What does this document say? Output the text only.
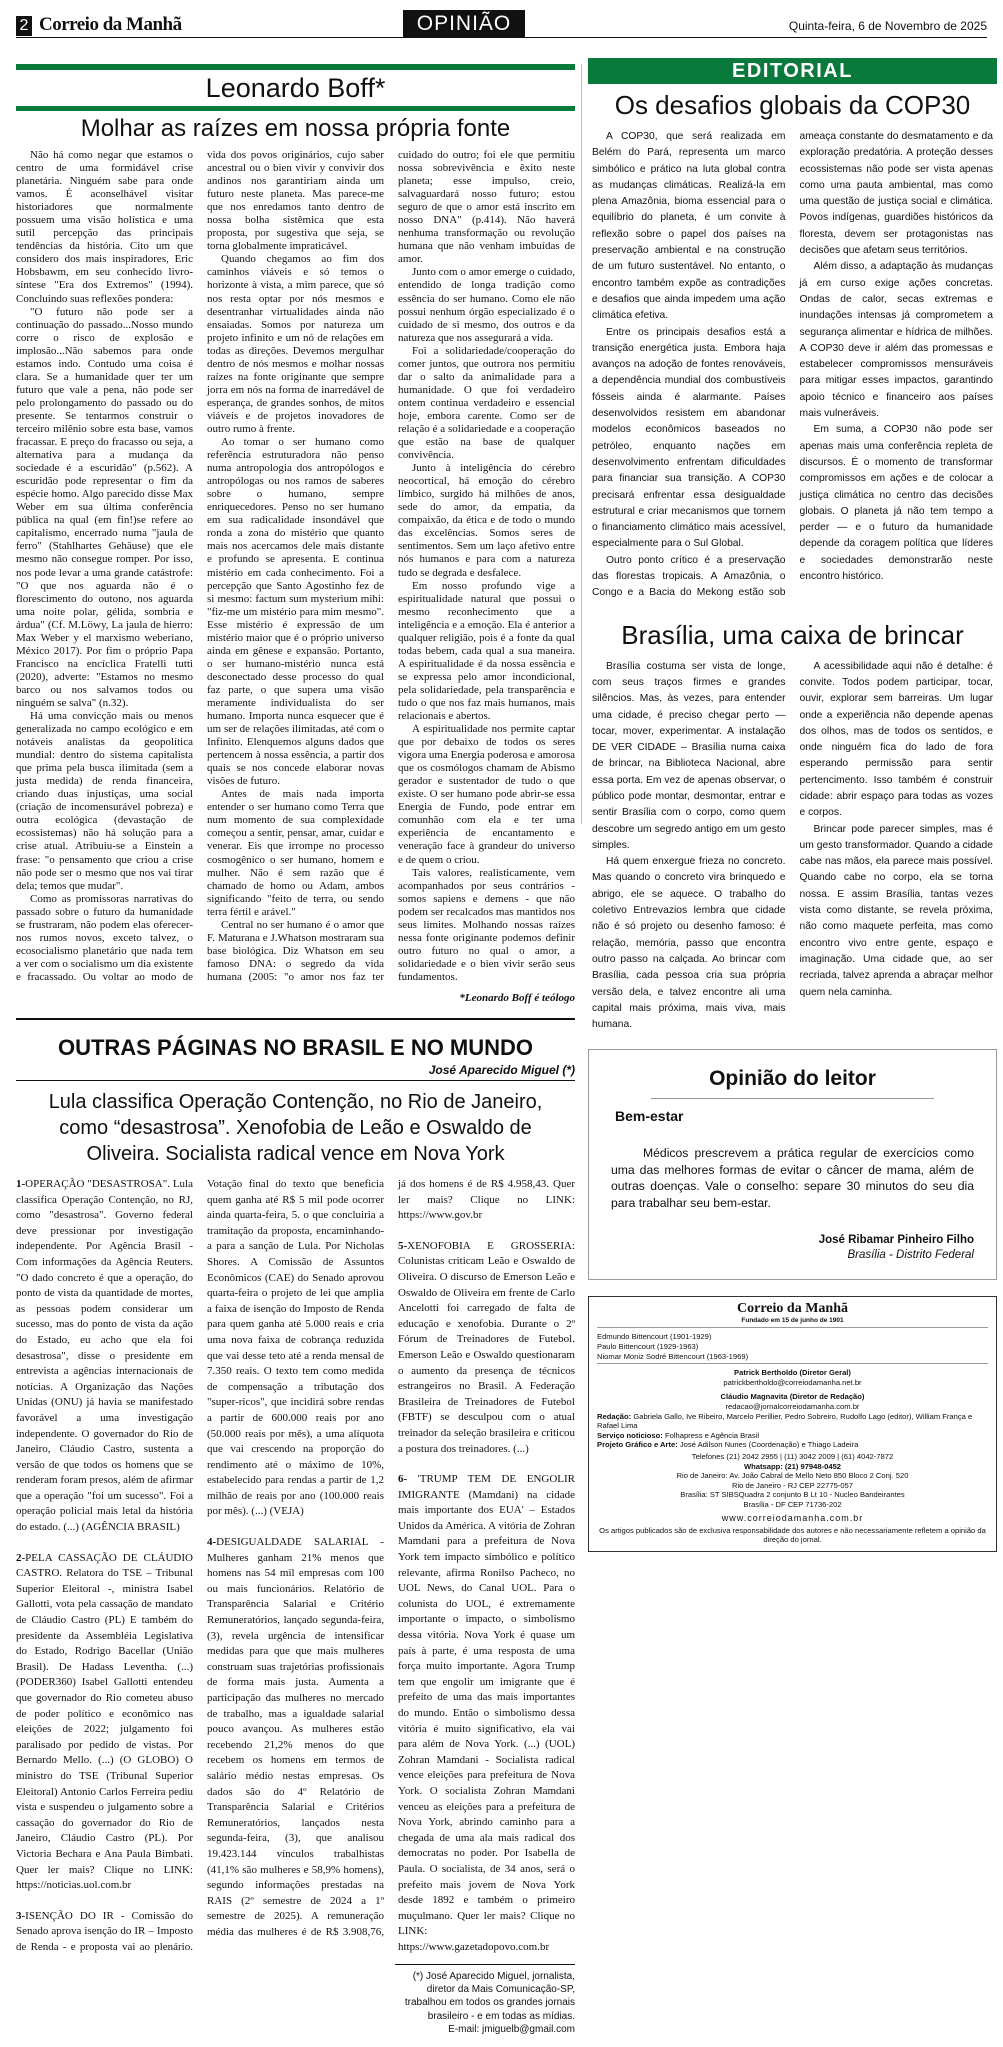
2 Correio da Manhã	OPINIÃO	Quinta-feira, 6 de Novembro de 2025
Leonardo Boff*
Molhar as raízes em nossa própria fonte

Não há como negar que estamos o centro de uma formidável crise planetária. Ninguém sabe para onde vamos. É aconselhável visitar historiadores que normalmente possuem uma visão holística e uma sutil percepção das principais tendências da história. Cito um que considero dos mais inspiradores, Eric Hobsbawm, em seu conhecido livro-síntese "Era dos Extremos" (1994). Concluindo suas reflexões pondera:

"O futuro não pode ser a continuação do passado...Nosso mundo corre o risco de explosão e implosão...Não sabemos para onde estamos indo. Contudo uma coisa é clara. Se a humanidade quer ter um futuro que vale a pena, não pode ser pelo prolongamento do passado ou do presente. Se tentarmos construir o terceiro milênio sobre esta base, vamos fracassar. E preço do fracasso ou seja, a alternativa para a mudança da sociedade é a escuridão" (p.562). A escuridão pode representar o fim da espécie homo. Algo parecido disse Max Weber em sua última conferência pública na qual (em fin!)se refere ao capitalismo, encerrado numa "jaula de ferro" (Stahlhartes Gehäuse) que ele mesmo não consegue romper. Por isso, nos pode levar a uma grande catástrofe: "O que nos aguarda não é o florescimento do outono, nos aguarda uma noite polar, gélida, sombria e árdua" (Cf. M.Löwy, La jaula de hierro: Max Weber y el marxismo weberiano, México 2017). Por fim o próprio Papa Francisco na encíclica Fratelli tutti (2020), adverte: "Estamos no mesmo barco ou nos salvamos todos ou ninguém se salva" (n.32).

Há uma convicção mais ou menos generalizada no campo ecológico e em notáveis analistas da geopolítica mundial: dentro do sistema capitalista que prima pela busca ilimitada (sem a justa medida) de renda financeira, criando duas injustiças, uma social (criação de incomensurável pobreza) e outra ecológica (devastação de ecossistemas) não há solução para a crise atual. Atribuiu-se a Einstein a frase: "o pensamento que criou a crise não pode ser o mesmo que nos vai tirar dela; temos que mudar".

Como as promissoras narrativas do passado sobre o futuro da humanidade se frustraram, não podem elas oferecer-nos rumos novos, exceto talvez, o ecosocialismo planetário que nada tem a ver com o socialismo um dia existente e fracassado. Ou voltar ao modo de vida dos povos originários, cujo saber ancestral ou o bien vivir y convivir dos andinos nos garantiriam ainda um futuro neste planeta. Mas parece-me que nos enredamos tanto dentro de nossa bolha sistêmica que esta proposta, por sugestiva que seja, se torna globalmente impraticável.

Quando chegamos ao fim dos caminhos viáveis e só temos o horizonte à vista, a mim parece, que só nos resta optar por nós mesmos e desentranhar virtualidades ainda não ensaiadas. Somos por natureza um projeto infinito e um nó de relações em todas as direções. Devemos mergulhar dentro de nós mesmos e molhar nossas raízes na fonte originante que sempre jorra em nós na forma de inarredável de esperança, de grandes sonhos, de mitos viáveis e de projetos inovadores de outro rumo à frente.

Ao tomar o ser humano como referência estruturadora não penso numa antropologia dos antropólogos e antropólogas ou nos ramos de saberes sobre o humano, sempre enriquecedores. Penso no ser humano em sua radicalidade insondável que ronda a zona do mistério que quanto mais nos acercamos dele mais distante e profundo se apresenta. E continua mistério em cada conhecimento. Foi a percepção que Santo Agostinho fez de si mesmo: factum sum mysterium mihi: "fiz-me um mistério para mim mesmo". Esse mistério é expressão de um mistério maior que é o próprio universo ainda em gênese e expansão. Portanto, o ser humano-mistério nunca está desconectado desse processo do qual faz parte, o que supera uma visão meramente individualista do ser humano. Importa nunca esquecer que é um ser de relações ilimitadas, até com o Infinito. Elenquemos alguns dados que pertencem à nossa essência, a partir dos quais se nos concede elaborar novas visões de futuro.

Antes de mais nada importa entender o ser humano como Terra que num momento de sua complexidade começou a sentir, pensar, amar, cuidar e venerar. Eis que irrompe no processo cosmogênico o ser humano, homem e mulher. Não é sem razão que é chamado de homo ou Adam, ambos significando "feito de terra, ou sendo terra fértil e arável."

Central no ser humano é o amor que F. Maturana e J.Whatson mostraram sua base biológica. Diz Whatson em seu famoso DNA: o segredo da vida humana (2005: "o amor nos faz ter cuidado do outro; foi ele que permitiu nossa sobrevivência e êxito neste planeta; esse impulso, creio, salvaguardará nosso futuro; estou seguro de que o amor está inscrito em nosso DNA" (p.414). Não haverá nenhuma transformação ou revolução humana que não venham imbuídas de amor.

Junto com o amor emerge o cuidado, entendido de longa tradição como essência do ser humano. Como ele não possui nenhum órgão especializado é o cuidado de si mesmo, dos outros e da natureza que nos assegurará a vida.

Foi a solidariedade/cooperação do comer juntos, que outrora nos permitiu dar o salto da animalidade para a humanidade. O que foi verdadeiro ontem continua verdadeiro e essencial hoje, embora carente. Como ser de relação é a solidariedade e a cooperação que estão na base de qualquer convivência.

Junto à inteligência do cérebro neocortical, há emoção do cérebro límbico, surgido há milhões de anos, sede do amor, da empatia, da compaixão, da ética e de todo o mundo das excelências. Somos seres de sentimentos. Sem um laço afetivo entre nós humanos e para com a natureza tudo se degrada e desfalece.

Em nosso profundo vige a espiritualidade natural que possui o mesmo reconhecimento que a inteligência e a emoção. Ela é anterior a qualquer religião, pois é a fonte da qual todas bebem, cada qual a sua maneira. A espiritualidade é da nossa essência e se expressa pelo amor incondicional, pela solidariedade, pela transparência e tudo o que nos faz mais humanos, mais relacionais e abertos.

A espiritualidade nos permite captar que por debaixo de todos os seres vigora uma Energia poderosa e amorosa que os cosmólogos chamam de Abismo gerador e sustentador de tudo o que existe. O ser humano pode abrir-se essa Energia de Fundo, pode entrar em comunhão com ela e ter uma experiência de encantamento e veneração face à grandeur do universo e de quem o criou.

Tais valores, realisticamente, vem acompanhados por seus contrários -somos sapiens e demens - que não podem ser recalcados mas mantidos nos seus limites. Molhando nossas raízes nessa fonte originante podemos definir outro futuro no qual o amor, a solidariedade e o bien vivir serão seus fundamentos.

*Leonardo Boff é teólogo
OUTRAS PÁGINAS NO BRASIL E NO MUNDO
José Aparecido Miguel (*)
Lula classifica Operação Contenção, no Rio de Janeiro, como “desastrosa”. Xenofobia de Leão e Oswaldo de Oliveira. Socialista radical vence em Nova York

1-OPERAÇÃO "DESASTROSA". Lula classifica Operação Contenção, no RJ, como "desastrosa". Governo federal deve pressionar por investigação independente. Por Agência Brasil - Com informações da Agência Reuters. "O dado concreto é que a operação, do ponto de vista da quantidade de mortes, as pessoas podem considerar um sucesso, mas do ponto de vista da ação do Estado, eu acho que ela foi desastrosa", disse o presidente em entrevista a agências internacionais de notícias. A Organização das Nações Unidas (ONU) já havia se manifestado favorável a uma investigação independente. O governador do Rio de Janeiro, Cláudio Castro, sustenta a versão de que todos os homens que se renderam foram presos, além de afirmar que a operação "foi um sucesso". Foi a operação policial mais letal da história do estado. (...) (AGÊNCIA BRASIL)

2-PELA CASSAÇÃO DE CLÁUDIO CASTRO. Relatora do TSE – Tribunal Superior Eleitoral -, ministra Isabel Gallotti, vota pela cassação de mandato de Cláudio Castro (PL) E também do presidente da Assembléia Legislativa do Estado, Rodrigo Bacellar (União Brasil). De Hadass Leventha. (...) (PODER360) Isabel Gallotti entendeu que governador do Rio cometeu abuso de poder político e econômico nas eleições de 2022; julgamento foi paralisado por pedido de vistas. Por Bernardo Mello. (...) (O GLOBO) O ministro do TSE (Tribunal Superior Eleitoral) Antonio Carlos Ferreira pediu vista e suspendeu o julgamento sobre a cassação do governador do Rio de Janeiro, Cláudio Castro (PL). Por Victoria Bechara e Ana Paula Bimbati. Quer ler mais? Clique no LINK: https://noticias.uol.com.br

3-ISENÇÃO DO IR - Comissão do Senado aprova isenção do IR – Imposto de Renda - e proposta vai ao plenário. Votação final do texto que beneficia quem ganha até R$ 5 mil pode ocorrer ainda quarta-feira, 5. o que concluiria a tramitação da proposta, encaminhando-a para a sanção de Lula. Por Nicholas Shores. A Comissão de Assuntos Econômicos (CAE) do Senado aprovou quarta-feira o projeto de lei que amplia a faixa de isenção do Imposto de Renda para quem ganha até 5.000 reais e cria uma nova faixa de cobrança reduzida que vai desse teto até a renda mensal de 7.350 reais. O texto tem como medida de compensação a tributação dos "super-ricos", que incidirá sobre rendas a partir de 600.000 reais por ano (50.000 reais por mês), a uma alíquota que vai crescendo na proporção do rendimento até o máximo de 10%, estabelecido para rendas a partir de 1,2 milhão de reais por ano (100.000 reais por mês). (...) (VEJA)

4-DESIGUALDADE SALARIAL - Mulheres ganham 21% menos que homens nas 54 mil empresas com 100 ou mais funcionários. Relatório de Transparência Salarial e Critério Remuneratórios, lançado segunda-feira, (3), revela urgência de intensificar medidas para que que mais mulheres construam suas trajetórias profissionais de forma mais justa. Aumenta a participação das mulheres no mercado de trabalho, mas a igualdade salarial pouco avançou. As mulheres estão recebendo 21,2% menos do que recebem os homens em termos de salário médio nestas empresas. Os dados são do 4º Relatório de Transparência Salarial e Critérios Remuneratórios, lançados nesta segunda-feira, (3), que analisou 19.423.144 vínculos trabalhistas (41,1% são mulheres e 58,9% homens), segundo informações prestadas na RAIS (2º semestre de 2024 a 1º semestre de 2025). A remuneração média das mulheres é de R$ 3.908,76, já dos homens é de R$ 4.958,43. Quer ler mais? Clique no LINK: https://www.gov.br

5-XENOFOBIA E GROSSERIA: Colunistas criticam Leão e Oswaldo de Oliveira. O discurso de Emerson Leão e Oswaldo de Oliveira em frente de Carlo Ancelotti foi carregado de falta de educação e xenofobia. Durante o 2º Fórum de Treinadores de Futebol. Emerson Leão e Oswaldo questionaram o aumento da presença de técnicos estrangeiros no Brasil. A Federação Brasileira de Treinadores de Futebol (FBTF) se desculpou com o atual treinador da seleção brasileira e criticou a postura dos treinadores. (...)

6- 'TRUMP TEM DE ENGOLIR IMIGRANTE (Mamdani) na cidade mais importante dos EUA' – Estados Unidos da América. A vitória de Zohran Mamdani para a prefeitura de Nova York tem impacto simbólico e político relevante, afirma Ronilso Pacheco, no UOL News, do Canal UOL. Para o colunista do UOL, é extremamente importante o impacto, o simbolismo dessa vitória. Nova York é quase um país à parte, é uma resposta de uma força muito importante. Agora Trump tem que engolir um imigrante que é prefeito de uma das mais importantes do mundo. Então o simbolismo dessa vitória é muito significativo, ela vai para além de Nova York. (...) (UOL) Zohran Mamdani - Socialista radical vence eleições para prefeitura de Nova York. O socialista Zohran Mamdani venceu as eleições para a prefeitura de Nova York, abrindo caminho para a chegada de uma ala mais radical dos democratas no poder. Por Isabella de Paula. O socialista, de 34 anos, será o prefeito mais jovem de Nova York desde 1892 e também o primeiro muçulmano. Quer ler mais? Clique no LINK: https://www.gazetadopovo.com.br

(*) José Aparecido Miguel, jornalista, diretor da Mais Comunicação-SP, trabalhou em todos os grandes jornais brasileiro - e em todas as mídias.
E-mail: jmiguelb@gmail.com
EDITORIAL
Os desafios globais da COP30

A COP30, que será realizada em Belém do Pará, representa um marco simbólico e prático na luta global contra as mudanças climáticas. Realizá-la em plena Amazônia, bioma essencial para o equilíbrio do planeta, é um convite à reflexão sobre o papel dos países na preservação ambiental e na construção de um futuro sustentável. No entanto, o encontro também expõe as contradições e desafios que ainda impedem uma ação climática efetiva.

Entre os principais desafios está a transição energética justa. Embora haja avanços na adoção de fontes renováveis, a dependência mundial dos combustíveis fósseis ainda é alarmante. Países desenvolvidos resistem em abandonar modelos econômicos baseados no petróleo, enquanto nações em desenvolvimento enfrentam dificuldades para financiar sua transição. A COP30 precisará enfrentar essa desigualdade estrutural e criar mecanismos que tornem o financiamento climático mais acessível, especialmente para o Sul Global.

Outro ponto crítico é a preservação das florestas tropicais. A Amazônia, o Congo e a Bacia do Mekong estão sob ameaça constante do desmatamento e da exploração predatória. A proteção desses ecossistemas não pode ser vista apenas como uma pauta ambiental, mas como uma questão de justiça social e climática. Povos indígenas, guardiões históricos da floresta, devem ser protagonistas nas decisões que afetam seus territórios.

Além disso, a adaptação às mudanças já em curso exige ações concretas. Ondas de calor, secas extremas e inundações intensas já comprometem a segurança alimentar e hídrica de milhões. A COP30 deve ir além das promessas e estabelecer compromissos mensuráveis para mitigar esses impactos, garantindo apoio técnico e financeiro aos países mais vulneráveis.

Em suma, a COP30 não pode ser apenas mais uma conferência repleta de discursos. É o momento de transformar compromissos em ações e de colocar a justiça climática no centro das decisões globais. O planeta já não tem tempo a perder — e o futuro da humanidade depende da coragem política que líderes e sociedades demonstrarão neste encontro histórico.

Brasília, uma caixa de brincar

Brasília costuma ser vista de longe, com seus traços firmes e grandes silêncios. Mas, às vezes, para entender uma cidade, é preciso chegar perto — tocar, mover, experimentar. A instalação DE VER CIDADE – Brasília numa caixa de brincar, na Biblioteca Nacional, abre essa porta. Em vez de apenas observar, o público pode montar, desmontar, entrar e sentir Brasília com o corpo, como quem descobre um segredo antigo em um gesto simples.

Há quem enxergue frieza no concreto. Mas quando o concreto vira brinquedo e abrigo, ele se aquece. O trabalho do coletivo Entrevazios lembra que cidade não é só projeto ou desenho famoso: é relação, memória, passo que encontra outro passo na calçada. Ao brincar com Brasília, cada pessoa cria sua própria versão dela, e talvez encontre ali uma capital mais próxima, mais viva, mais humana.

A acessibilidade aqui não é detalhe: é convite. Todos podem participar, tocar, ouvir, explorar sem barreiras. Um lugar onde a experiência não depende apenas dos olhos, mas de todos os sentidos, e onde ninguém fica do lado de fora esperando permissão para sentir pertencimento. Isso também é construir cidade: abrir espaço para todas as vozes e corpos.

Brincar pode parecer simples, mas é um gesto transformador. Quando a cidade cabe nas mãos, ela parece mais possível. Quando cabe no corpo, ela se torna nossa. E assim Brasília, tantas vezes vista como distante, se revela próxima, não como maquete perfeita, mas como encontro vivo entre gente, espaço e imaginação. Uma cidade que, ao ser recriada, talvez aprenda a abraçar melhor quem nela caminha.

Opinião do leitor
Bem-estar
Médicos prescrevem a prática regular de exercícios como uma das melhores formas de evitar o câncer de mama, além de outras doenças. Vale o conselho: separe 30 minutos do seu dia para trabalhar seu bem-estar.
José Ribamar Pinheiro Filho
Brasília - Distrito Federal
Correio da Manhã
Fundado em 15 de junho de 1901
Edmundo Bittencourt (1901-1929)
Paulo Bittencourt (1929-1963)
Niomar Moniz Sodré Bittencourt (1963-1969)
Patrick Bertholdo (Diretor Geral)
patrickbertholdo@correiodamanha.net.br
Cláudio Magnavita (Diretor de Redação)
redacao@jornalcorreiodamanha.com.br
Redação: Gabriela Gallo, Ive Ribeiro, Marcelo Perillier, Pedro Sobreiro, Rudolfo Lago (editor), William França e Rafael Lima
Serviço noticioso: Folhapress e Agência Brasil
Projeto Gráfico e Arte: José Adilson Nunes (Coordenação) e Thiago Ladeira
Telefones (21) 2042 2955 | (11) 3042 2009 | (61) 4042-7872
Whatsapp: (21) 97948-0452
Rio de Janeiro: Av. João Cabral de Mello Neto 850 Bloco 2 Conj. 520
Rio de Janeiro - RJ CEP 22775-057
Brasília: ST SIBSQuadra 2 conjunto B Lt 10 - Nucleo Bandeirantes
Brasília - DF CEP 71736-202
www.correiodamanha.com.br
Os artigos publicados são de exclusiva responsabilidade dos autores e não necessariamente refletem a opinião da direção do jornal.
